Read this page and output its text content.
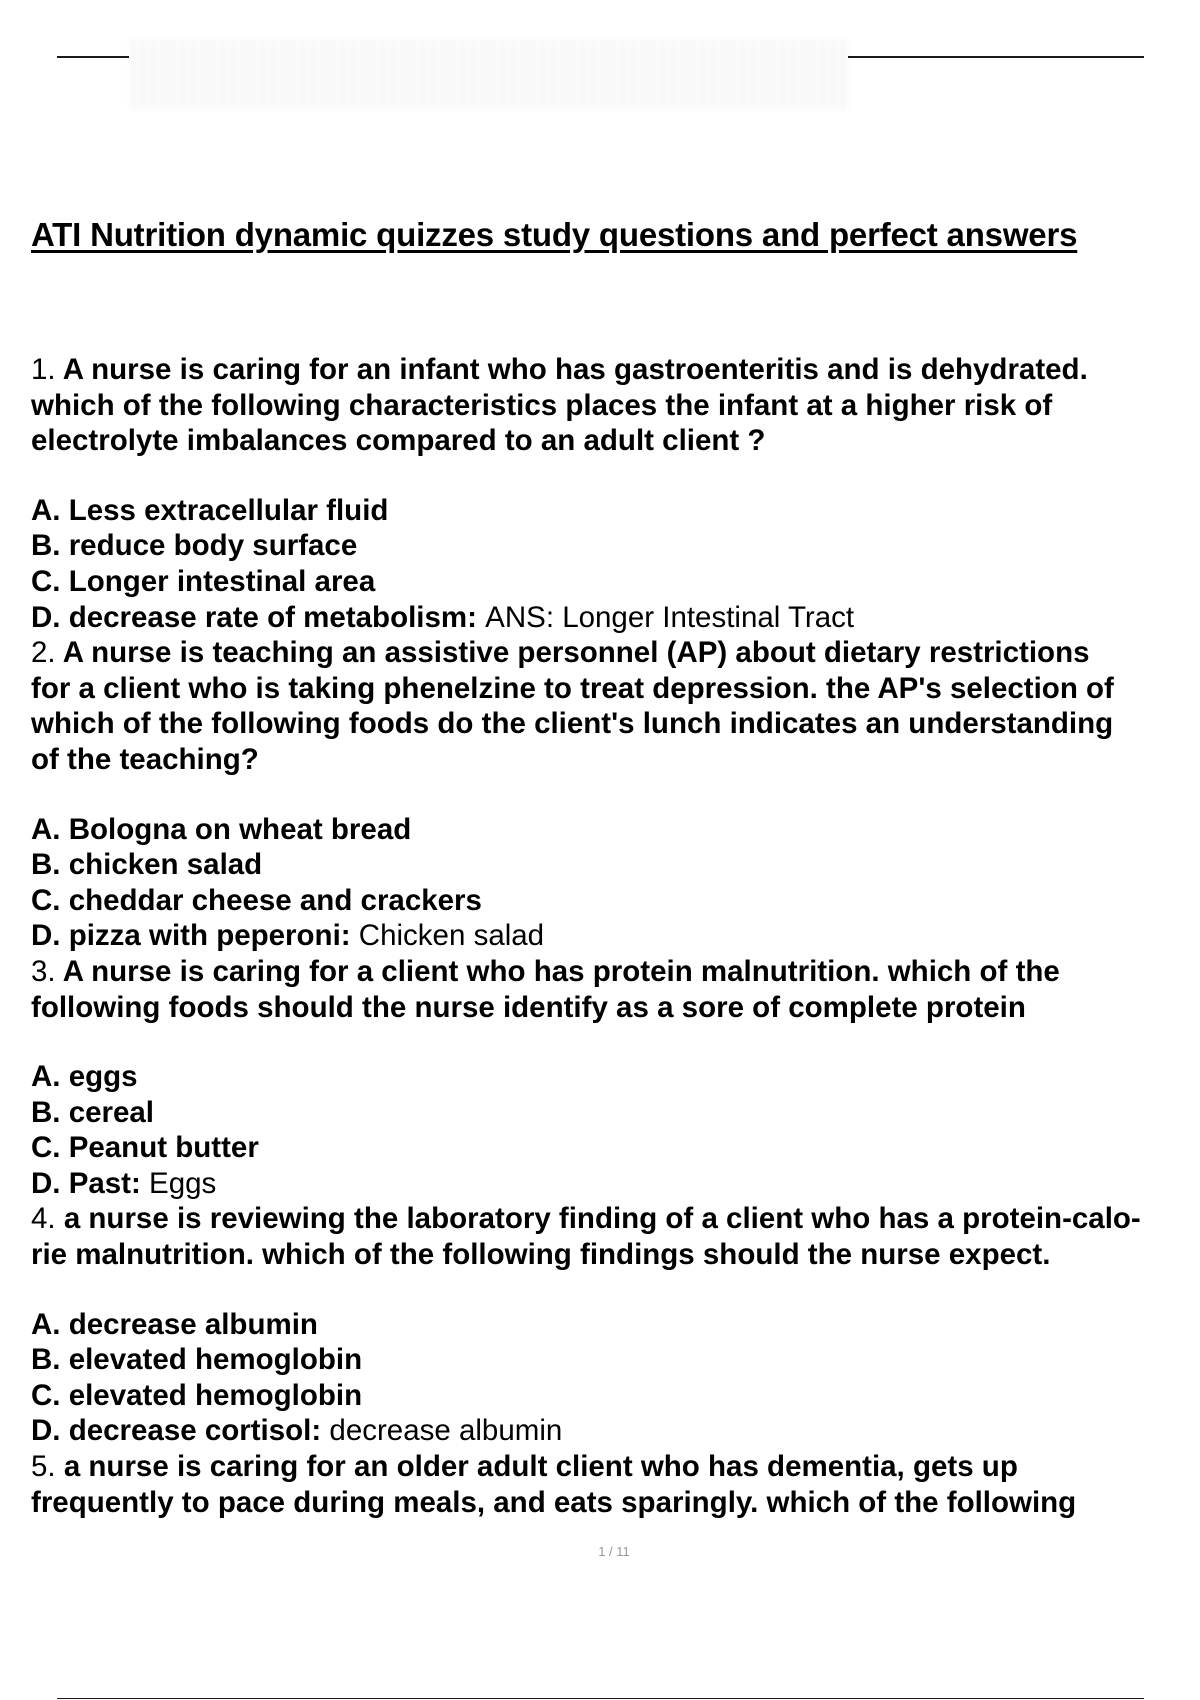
ATI Nutrition dynamic quizzes study questions and perfect answers
1. A nurse is caring for an infant who has gastroenteritis and is dehydrated.
which of the following characteristics places the infant at a higher risk of
electrolyte imbalances compared to an adult client ?
A. Less extracellular fluid
B. reduce body surface
C. Longer intestinal area
D. decrease rate of metabolism: ANS: Longer Intestinal Tract
2. A nurse is teaching an assistive personnel (AP) about dietary restrictions
for a client who is taking phenelzine to treat depression. the AP's selection of
which of the following foods do the client's lunch indicates an understanding
of the teaching?
A. Bologna on wheat bread
B. chicken salad
C. cheddar cheese and crackers
D. pizza with peperoni: Chicken salad
3. A nurse is caring for a client who has protein malnutrition. which of the
following foods should the nurse identify as a sore of complete protein
A. eggs
B. cereal
C. Peanut butter
D. Past: Eggs
4. a nurse is reviewing the laboratory finding of a client who has a protein-calo-
rie malnutrition. which of the following findings should the nurse expect.
A. decrease albumin
B. elevated hemoglobin
C. elevated hemoglobin
D. decrease cortisol: decrease albumin
5. a nurse is caring for an older adult client who has dementia, gets up
frequently to pace during meals, and eats sparingly. which of the following
1 / 11
